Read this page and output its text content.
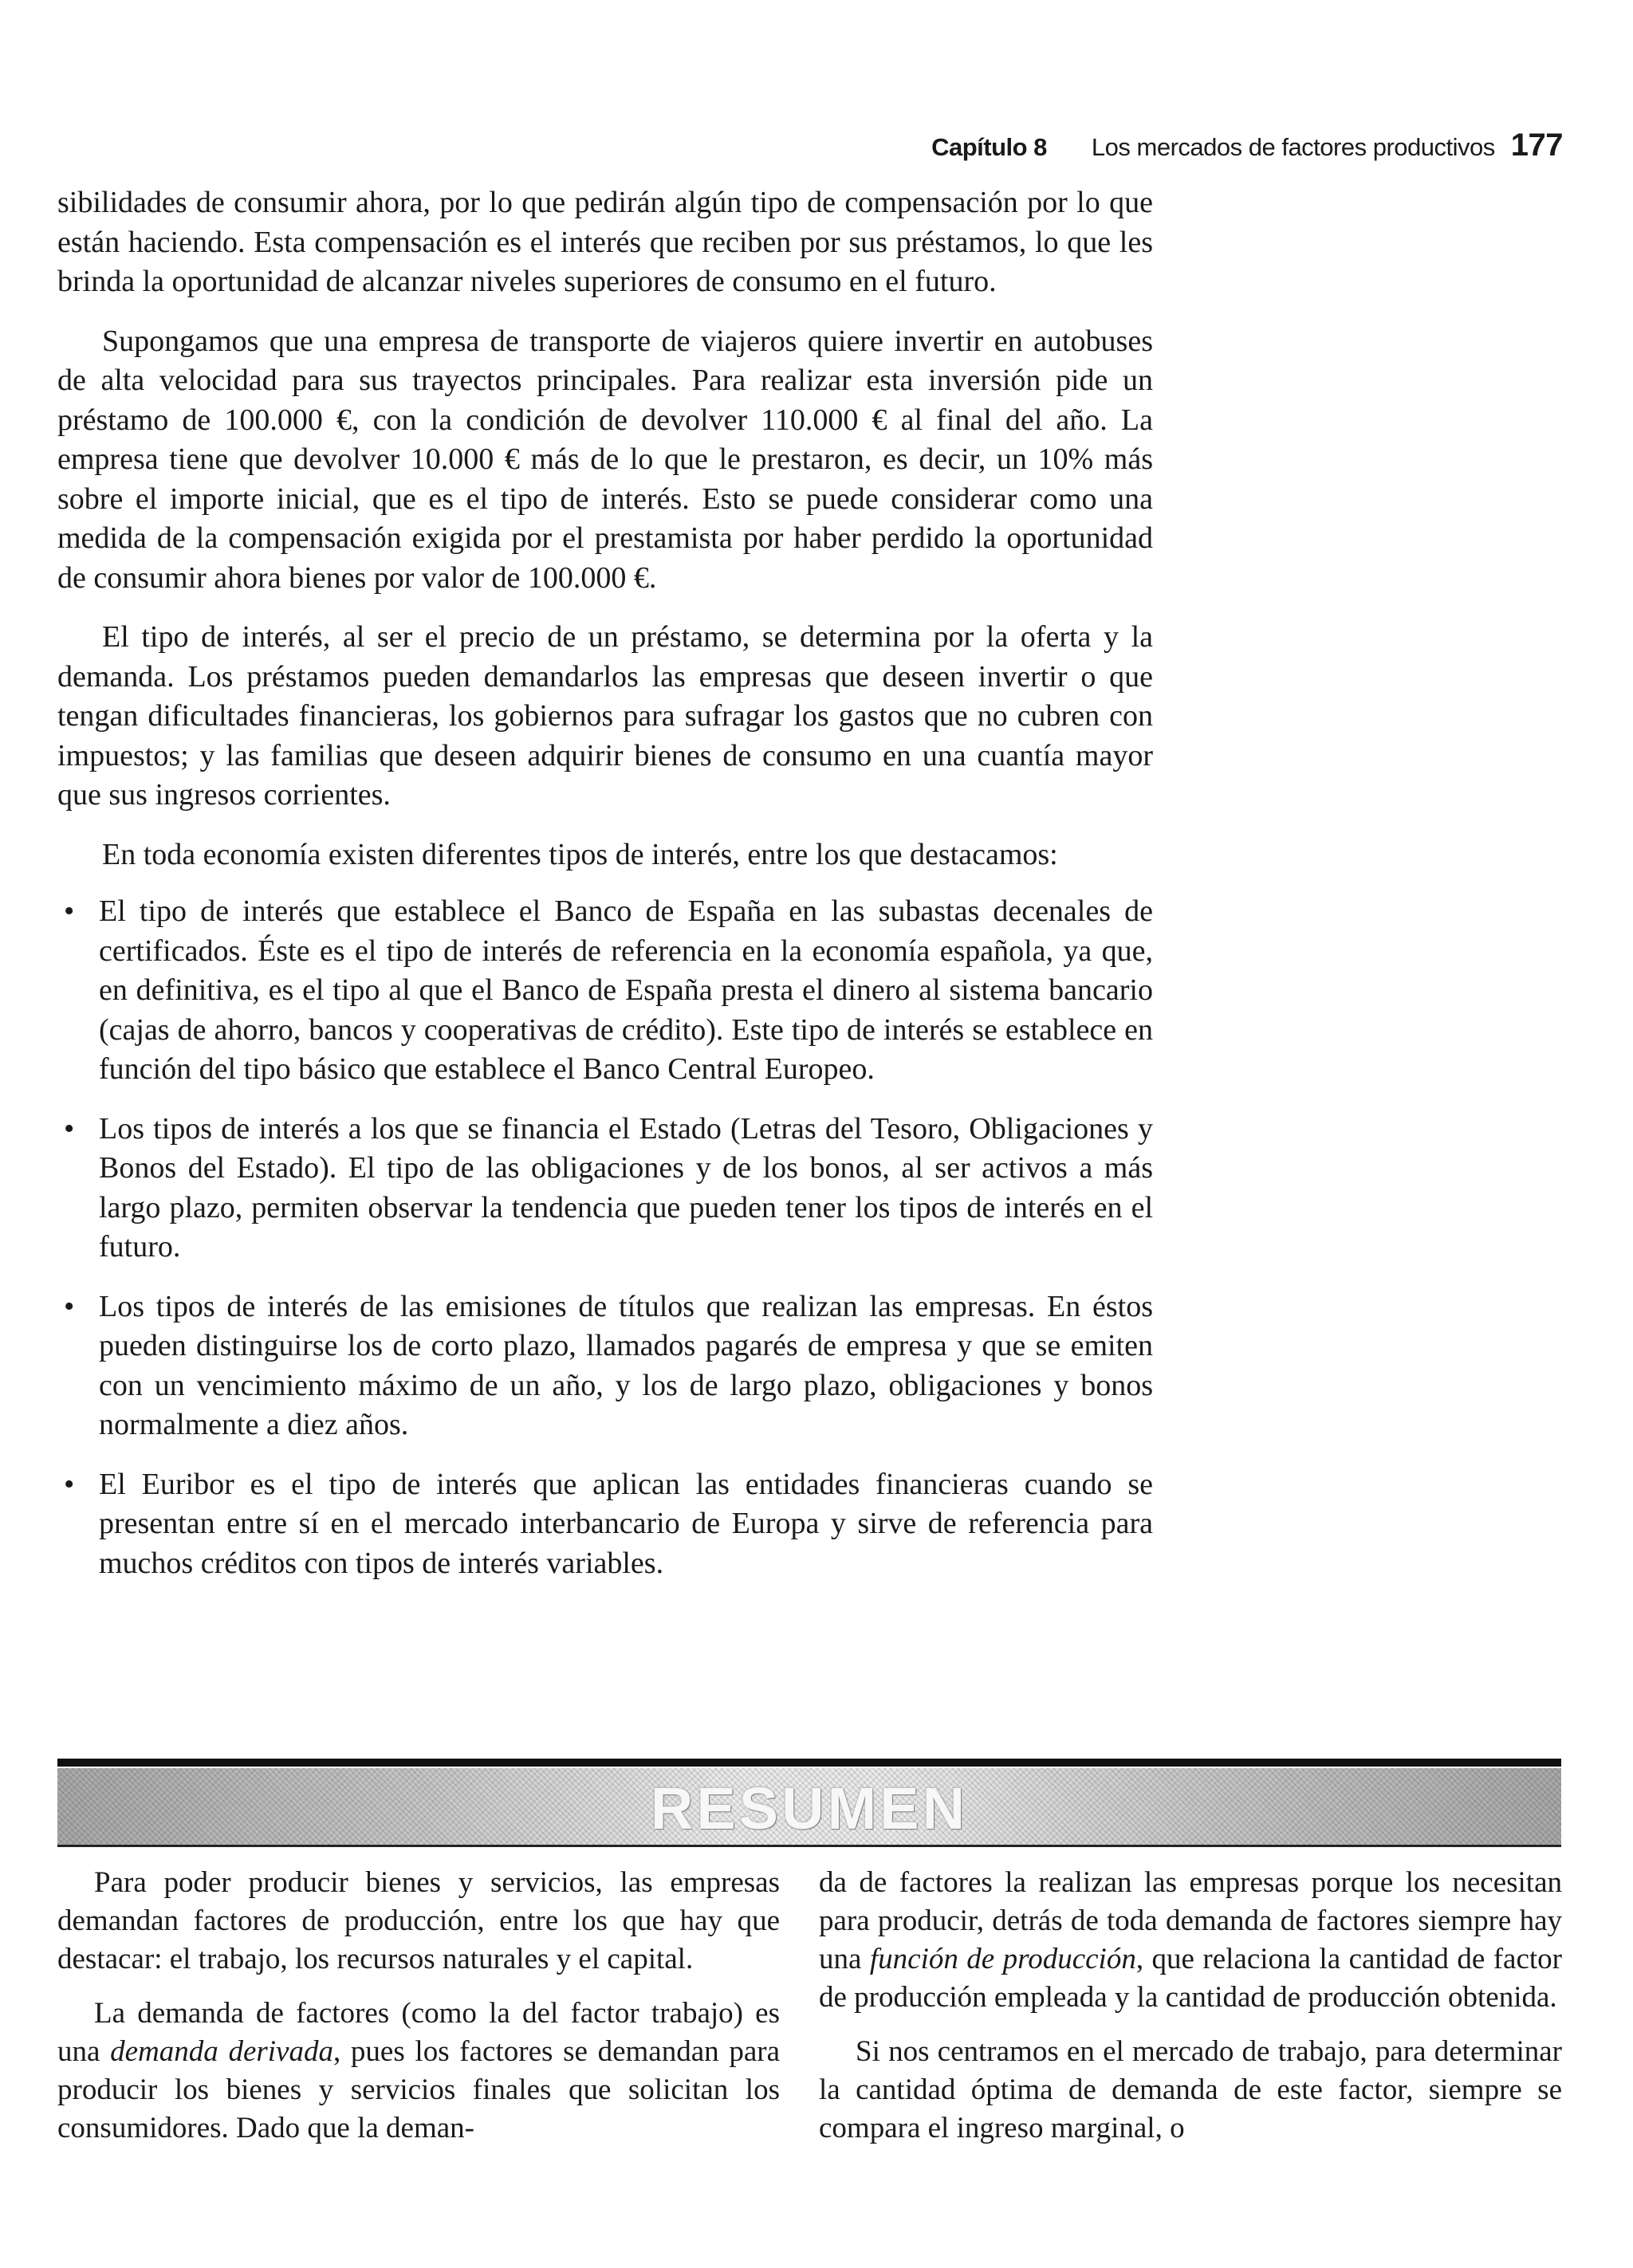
Capítulo 8 Los mercados de factores productivos 177

sibilidades de consumir ahora, por lo que pedirán algún tipo de compensación por lo que están haciendo. Esta compensación es el interés que reciben por sus préstamos, lo que les brinda la oportunidad de alcanzar niveles superiores de consumo en el futuro.

Supongamos que una empresa de transporte de viajeros quiere invertir en autobuses de alta velocidad para sus trayectos principales. Para realizar esta inversión pide un préstamo de 100.000 €, con la condición de devolver 110.000 € al final del año. La empresa tiene que devolver 10.000 € más de lo que le prestaron, es decir, un 10% más sobre el importe inicial, que es el tipo de interés. Esto se puede considerar como una medida de la compensación exigida por el prestamista por haber perdido la oportunidad de consumir ahora bienes por valor de 100.000 €.

El tipo de interés, al ser el precio de un préstamo, se determina por la oferta y la demanda. Los préstamos pueden demandarlos las empresas que deseen invertir o que tengan dificultades financieras, los gobiernos para sufragar los gastos que no cubren con impuestos; y las familias que deseen adquirir bienes de consumo en una cuantía mayor que sus ingresos corrientes.

En toda economía existen diferentes tipos de interés, entre los que destacamos:

• El tipo de interés que establece el Banco de España en las subastas decenales de certificados. Éste es el tipo de interés de referencia en la economía española, ya que, en definitiva, es el tipo al que el Banco de España presta el dinero al sistema bancario (cajas de ahorro, bancos y cooperativas de crédito). Este tipo de interés se establece en función del tipo básico que establece el Banco Central Europeo.
• Los tipos de interés a los que se financia el Estado (Letras del Tesoro, Obligaciones y Bonos del Estado). El tipo de las obligaciones y de los bonos, al ser activos a más largo plazo, permiten observar la tendencia que pueden tener los tipos de interés en el futuro.
• Los tipos de interés de las emisiones de títulos que realizan las empresas. En éstos pueden distinguirse los de corto plazo, llamados pagarés de empresa y que se emiten con un vencimiento máximo de un año, y los de largo plazo, obligaciones y bonos normalmente a diez años.
• El Euribor es el tipo de interés que aplican las entidades financieras cuando se presentan entre sí en el mercado interbancario de Europa y sirve de referencia para muchos créditos con tipos de interés variables.
RESUMEN

Para poder producir bienes y servicios, las empresas demandan factores de producción, entre los que hay que destacar: el trabajo, los recursos naturales y el capital.

La demanda de factores (como la del factor trabajo) es una demanda derivada, pues los factores se demandan para producir los bienes y servicios finales que solicitan los consumidores. Dado que la deman-

da de factores la realizan las empresas porque los necesitan para producir, detrás de toda demanda de factores siempre hay una función de producción, que relaciona la cantidad de factor de producción empleada y la cantidad de producción obtenida.

Si nos centramos en el mercado de trabajo, para determinar la cantidad óptima de demanda de este factor, siempre se compara el ingreso marginal, o
